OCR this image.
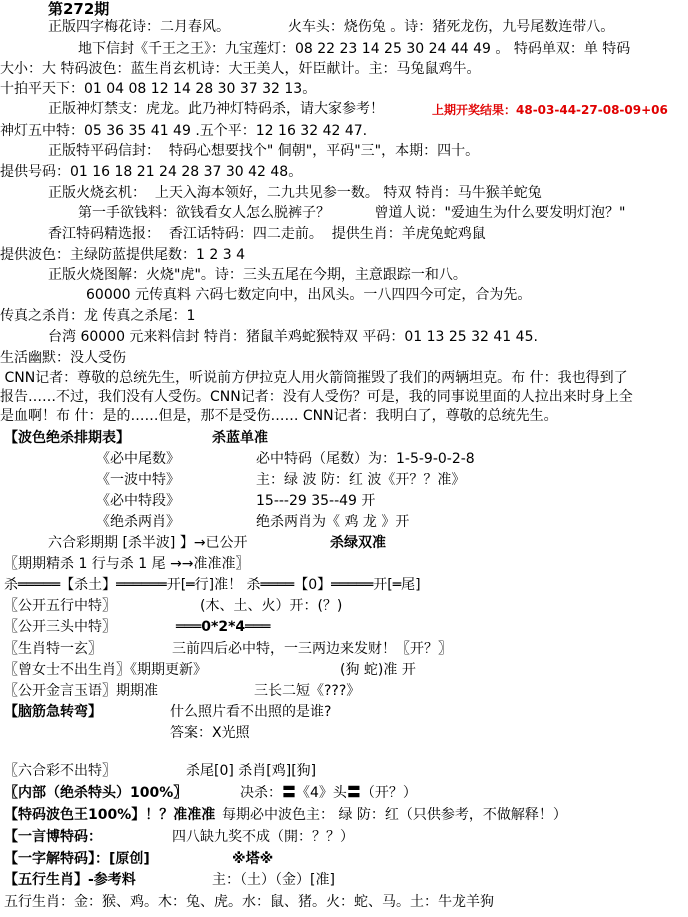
第272期
正版四字梅花诗：二月春风。             火车头：烧伤兔 。诗：猪死龙伤，九号尾数连带八。
地下信封《千王之王》：九宝莲灯：08 22 23 14 25 30 24 44 49 。 特码单双：单 特码
大小：大 特码波色：蓝生肖玄机诗：大王美人，奸臣献计。主：马兔鼠鸡牛。
十拍平天下：01 04 08 12 14 28 30 37 32 13。
正版神灯禁支：虎龙。此乃神灯特码杀，请大家参考！	上期开奖结果：48-03-44-27-08-09+06
神灯五中特：05 36 35 41 49 .五个平：12 16 32 42 47.
正版特平码信封：  特码心想要找个" 侗朝"，平码"三"，本期：四十。
提供号码：01 16 18 21 24 28 37 30 42 48。
正版火烧玄机：  上天入海本领好，二九共见参一数。 特双 特肖：马牛猴羊蛇兔
第一手欲钱料：欲钱看女人怎么脱裤子？          曾道人说："爱迪生为什么要发明灯泡？"
香江特码精选报：  香江话特码：四二走前。  提供生肖：羊虎兔蛇鸡鼠
提供波色：主绿防蓝提供尾数：1 2 3 4
正版火烧图解：火烧"虎"。诗：三头五尾在今期，主意跟踪一和八。
60000 元传真料 六码七数定向中，出风头。一八四四今可定，合为先。
传真之杀肖：龙 传真之杀尾：1
台湾 60000 元来料信封 特肖：猪鼠羊鸡蛇猴特双 平码：01 13 25 32 41 45.
生活幽默：没人受伤
CNN记者：尊敬的总统先生，听说前方伊拉克人用火箭筒摧毁了我们的两辆坦克。布 什：我也得到了
报告……不过，我们没有人受伤。CNN记者：没有人受伤？可是，我的同事说里面的人拉出来时身上全
是血啊！布 什：是的……但是，那不是受伤…… CNN记者：我明白了，尊敬的总统先生。
【波色绝杀排期表】	杀蓝单准
《必中尾数》	必中特码（尾数）为：1-5-9-0-2-8
《一波中特》	主：绿 波 防：红 波《开？？准》
《必中特段》	15---29 35--49 开
《绝杀两肖》	绝杀两肖为《 鸡 龙 》开
六合彩期期 [杀半波] 】→已公开	杀绿双准
〖期期精杀 1 行与杀 1 尾 →→准准准〗
杀═════【杀土】══════开[═行]准！ 杀════【0】═════开[═尾]
〖公开五行中特〗	(木、土、火）开：(？)
〖公开三头中特〗	═══0*2*4═══
〖生肖特一玄〗	三前四后必中特，一三两边来发财！〖开？〗
〖曾女士不出生肖〗《期期更新》	(狗 蛇)准 开
〖公开金言玉语〗期期准	三长二短《???》
【脑筋急转弯】	什么照片看不出照的是谁?
答案：X光照
〖六合彩不出特〗	杀尾[0] 杀肖[鸡][狗]
〖内部（绝杀特头）100%〗	决杀：〓《4》头〓（开？）
【特码波色王100%】！？准准准 每期必中波色主： 绿 防：红（只供参考，不做解释！）
【一言博特码：	四八缺九奖不成（開：？？）
【一字解特码】：[原创]	※塔※
【五行生肖】-参考料	主：（土）（金）[准]
五行生肖：金：猴、鸡。木：兔、虎。水：鼠、猪。火：蛇、马。土：牛龙羊狗
